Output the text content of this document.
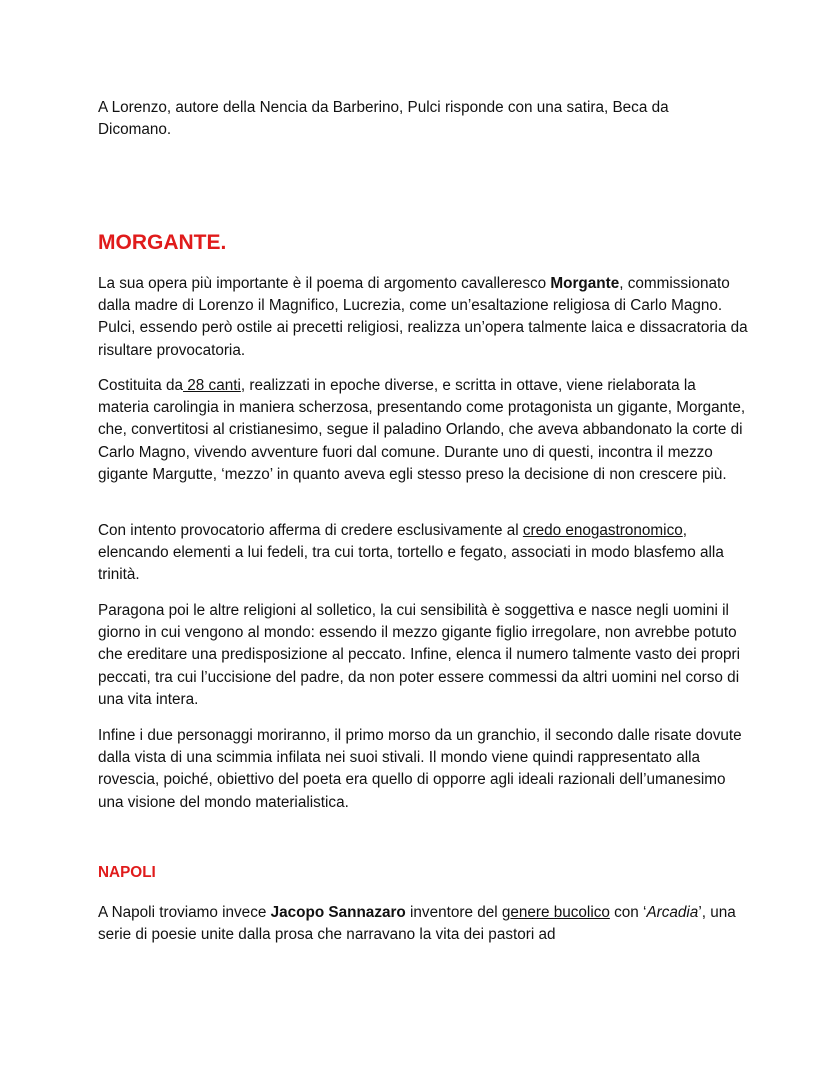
A Lorenzo, autore della Nencia da Barberino, Pulci risponde con una satira, Beca da Dicomano.

MORGANTE.

La sua opera più importante è il poema di argomento cavalleresco Morgante, commissionato dalla madre di Lorenzo il Magnifico, Lucrezia, come un’esaltazione religiosa di Carlo Magno. Pulci, essendo però ostile ai precetti religiosi, realizza un’opera talmente laica e dissacratoria da risultare provocatoria.

Costituita da 28 canti, realizzati in epoche diverse, e scritta in ottave, viene rielaborata la materia carolingia in maniera scherzosa, presentando come protagonista un gigante, Morgante, che, convertitosi al cristianesimo, segue il paladino Orlando, che aveva abbandonato la corte di Carlo Magno, vivendo avventure fuori dal comune. Durante uno di questi, incontra il mezzo gigante Margutte, ‘mezzo’ in quanto aveva egli stesso preso la decisione di non crescere più.

Con intento provocatorio afferma di credere esclusivamente al credo enogastronomico, elencando elementi a lui fedeli, tra cui torta, tortello e fegato, associati in modo blasfemo alla trinità.

Paragona poi le altre religioni al solletico, la cui sensibilità è soggettiva e nasce negli uomini il giorno in cui vengono al mondo: essendo il mezzo gigante figlio irregolare, non avrebbe potuto che ereditare una predisposizione al peccato. Infine, elenca il numero talmente vasto dei propri peccati, tra cui l’uccisione del padre, da non poter essere commessi da altri uomini nel corso di una vita intera.

Infine i due personaggi moriranno, il primo morso da un granchio, il secondo dalle risate dovute dalla vista di una scimmia infilata nei suoi stivali. Il mondo viene quindi rappresentato alla rovescia, poiché, obiettivo del poeta era quello di opporre agli ideali razionali dell’umanesimo una visione del mondo materialistica.

NAPOLI

A Napoli troviamo invece Jacopo Sannazaro inventore del genere bucolico con ‘Arcadia’, una serie di poesie unite dalla prosa che narravano la vita dei pastori ad
